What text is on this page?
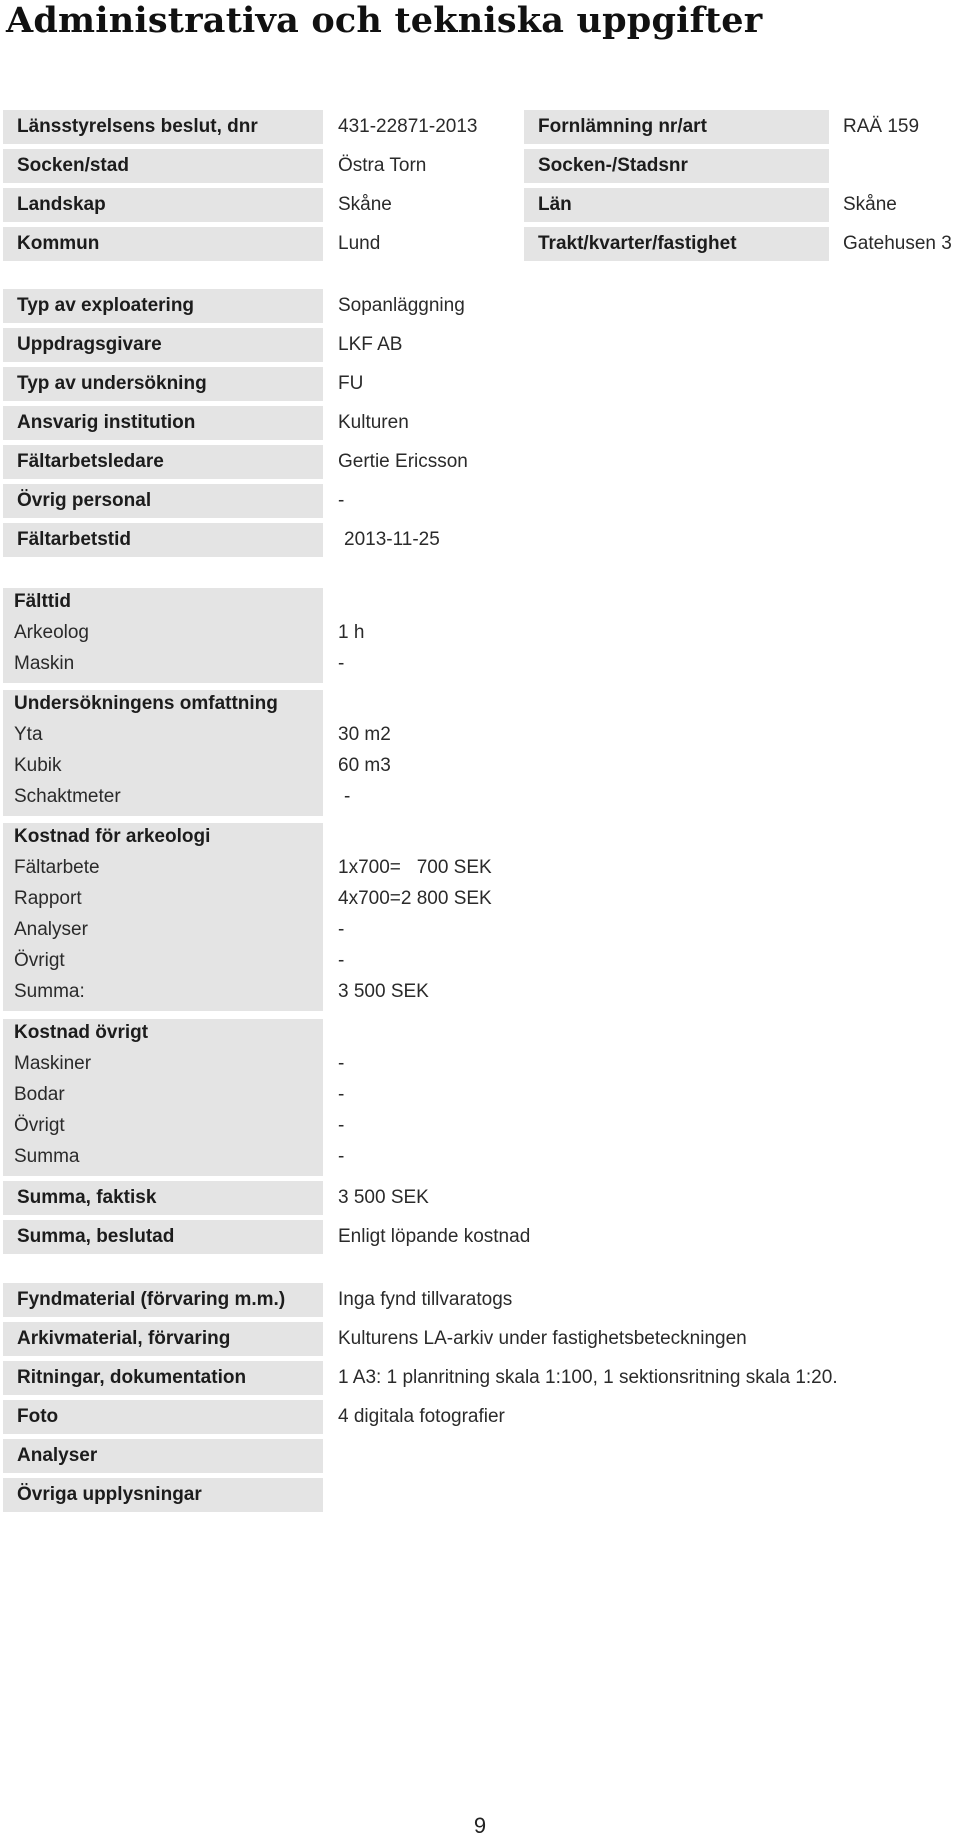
Administrativa och tekniska uppgifter
Länsstyrelsens beslut, dnr	431-22871-2013	Fornlämning nr/art	RAÄ 159
Socken/stad	Östra Torn	Socken-/Stadsnr
Landskap	Skåne	Län	Skåne
Kommun	Lund	Trakt/kvarter/fastighet	Gatehusen 3
Typ av exploatering	Sopanläggning
Uppdragsgivare	LKF AB
Typ av undersökning	FU
Ansvarig institution	Kulturen
Fältarbetsledare	Gertie Ericsson
Övrig personal	-
Fältarbetstid	2013-11-25
Fälttid
Arkeolog	1 h
Maskin	-
Undersökningens omfattning
Yta	30 m2
Kubik	60 m3
Schaktmeter	-
Kostnad för arkeologi
Fältarbete	1x700=   700 SEK
Rapport	4x700=2 800 SEK
Analyser	-
Övrigt	-
Summa:	3 500 SEK
Kostnad övrigt
Maskiner	-
Bodar	-
Övrigt	-
Summa	-
Summa, faktisk	3 500 SEK
Summa, beslutad	Enligt löpande kostnad
Fyndmaterial (förvaring m.m.)	Inga fynd tillvaratogs
Arkivmaterial, förvaring	Kulturens LA-arkiv under fastighetsbeteckningen
Ritningar, dokumentation	1 A3: 1 planritning skala 1:100, 1 sektionsritning skala 1:20.
Foto	4 digitala fotografier
Analyser
Övriga upplysningar
9
